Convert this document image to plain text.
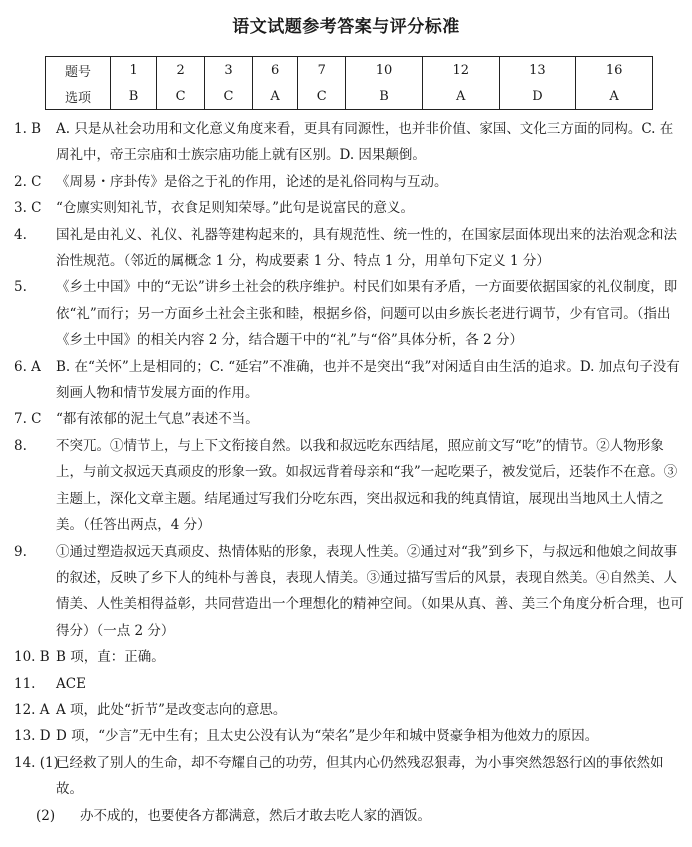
语文试题参考答案与评分标准
题号	1	2	3	6	7	10	12	13	16
选项	B	C	C	A	C	B	A	D	A
1. B A. 只是从社会功用和文化意义角度来看，更具有同源性，也并非价值、家国、文化三方面的同构。C. 在周礼中，帝王宗庙和士族宗庙功能上就有区别。D. 因果颠倒。
2. C 《周易・序卦传》是俗之于礼的作用，论述的是礼俗同构与互动。
3. C “仓廪实则知礼节，衣食足则知荣辱。”此句是说富民的意义。
4. 国礼是由礼义、礼仪、礼器等建构起来的，具有规范性、统一性的，在国家层面体现出来的法治观念和法治性规范。（邻近的属概念 1 分，构成要素 1 分、特点 1 分，用单句下定义 1 分）
5. 《乡土中国》中的“无讼”讲乡土社会的秩序维护。村民们如果有矛盾，一方面要依据国家的礼仪制度，即依“礼”而行；另一方面乡土社会主张和睦，根据乡俗，问题可以由乡族长老进行调节，少有官司。（指出《乡土中国》的相关内容 2 分，结合题干中的“礼”与“俗”具体分析，各 2 分）
6. A B. 在“关怀”上是相同的；C. “延宕”不准确，也并不是突出“我”对闲适自由生活的追求。D. 加点句子没有刻画人物和情节发展方面的作用。
7. C “都有浓郁的泥土气息”表述不当。
8. 不突兀。①情节上，与上下文衔接自然。以我和叔远吃东西结尾，照应前文写“吃”的情节。②人物形象上，与前文叔远天真顽皮的形象一致。如叔远背着母亲和“我”一起吃栗子，被发觉后，还装作不在意。③主题上，深化文章主题。结尾通过写我们分吃东西，突出叔远和我的纯真情谊，展现出当地风土人情之美。（任答出两点，4 分）
9. ①通过塑造叔远天真顽皮、热情体贴的形象，表现人性美。②通过对“我”到乡下，与叔远和他娘之间故事的叙述，反映了乡下人的纯朴与善良，表现人情美。③通过描写雪后的风景，表现自然美。④自然美、人情美、人性美相得益彰，共同营造出一个理想化的精神空间。（如果从真、善、美三个角度分析合理，也可得分）（一点 2 分）
10. B B 项，直：正确。
11. ACE
12. A A 项，此处“折节”是改变志向的意思。
13. D D 项，“少言”无中生有；且太史公没有认为“荣名”是少年和城中贤豪争相为他效力的原因。
14. (1)
已经救了别人的生命，却不夸耀自己的功劳，但其内心仍然残忍狠毒，为小事突然怨怒行凶的事依然如故。
(2) 办不成的，也要使各方都满意，然后才敢去吃人家的酒饭。
